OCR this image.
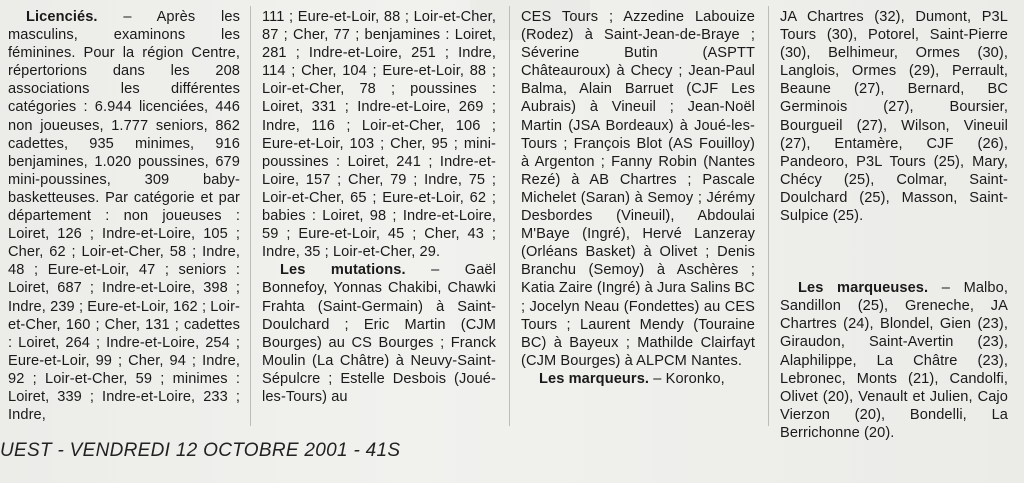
Licenciés. – Après les masculins, examinons les féminines. Pour la région Centre, répertorions dans les 208 associations les différentes catégories : 6.944 licenciées, 446 non joueuses, 1.777 seniors, 862 cadettes, 935 minimes, 916 benjamines, 1.020 poussines, 679 mini-poussines, 309 baby-basketteuses. Par catégorie et par département : non joueuses : Loiret, 126 ; Indre-et-Loire, 105 ; Cher, 62 ; Loir-et-Cher, 58 ; Indre, 48 ; Eure-et-Loir, 47 ; seniors : Loiret, 687 ; Indre-et-Loire, 398 ; Indre, 239 ; Eure-et-Loir, 162 ; Loir-et-Cher, 160 ; Cher, 131 ; cadettes : Loiret, 264 ; Indre-et-Loire, 254 ; Eure-et-Loir, 99 ; Cher, 94 ; Indre, 92 ; Loir-et-Cher, 59 ; minimes : Loiret, 339 ; Indre-et-Loire, 233 ; Indre,

111 ; Eure-et-Loir, 88 ; Loir-et-Cher, 87 ; Cher, 77 ; benjamines : Loiret, 281 ; Indre-et-Loire, 251 ; Indre, 114 ; Cher, 104 ; Eure-et-Loir, 88 ; Loir-et-Cher, 78 ; poussines : Loiret, 331 ; Indre-et-Loire, 269 ; Indre, 116 ; Loir-et-Cher, 106 ; Eure-et-Loir, 103 ; Cher, 95 ; mini-poussines : Loiret, 241 ; Indre-et-Loire, 157 ; Cher, 79 ; Indre, 75 ; Loir-et-Cher, 65 ; Eure-et-Loir, 62 ; babies : Loiret, 98 ; Indre-et-Loire, 59 ; Eure-et-Loir, 45 ; Cher, 43 ; Indre, 35 ; Loir-et-Cher, 29.

Les mutations. – Gaël Bonnefoy, Yonnas Chakibi, Chawki Frahta (Saint-Germain) à Saint-Doulchard ; Eric Martin (CJM Bourges) au CS Bourges ; Franck Moulin (La Châtre) à Neuvy-Saint-Sépulcre ; Estelle Desbois (Joué-les-Tours) au

CES Tours ; Azzedine Labouize (Rodez) à Saint-Jean-de-Braye ; Séverine Butin (ASPTT Châteauroux) à Checy ; Jean-Paul Balma, Alain Barruet (CJF Les Aubrais) à Vineuil ; Jean-Noël Martin (JSA Bordeaux) à Joué-les-Tours ; François Blot (AS Fouilloy) à Argenton ; Fanny Robin (Nantes Rezé) à AB Chartres ; Pascale Michelet (Saran) à Semoy ; Jérémy Desbordes (Vineuil), Abdoulai M'Baye (Ingré), Hervé Lanzeray (Orléans Basket) à Olivet ; Denis Branchu (Semoy) à Aschères ; Katia Zaire (Ingré) à Jura Salins BC ; Jocelyn Neau (Fondettes) au CES Tours ; Laurent Mendy (Touraine BC) à Bayeux ; Mathilde Clairfayt (CJM Bourges) à ALPCM Nantes.

Les marqueurs. – Koronko,

JA Chartres (32), Dumont, P3L Tours (30), Potorel, Saint-Pierre (30), Belhimeur, Ormes (30), Langlois, Ormes (29), Perrault, Beaune (27), Bernard, BC Germinois (27), Boursier, Bourgueil (27), Wilson, Vineuil (27), Entamère, CJF (26), Pandeoro, P3L Tours (25), Mary, Chécy (25), Colmar, Saint-Doulchard (25), Masson, Saint-Sulpice (25).

Les marqueuses. – Malbo, Sandillon (25), Greneche, JA Chartres (24), Blondel, Gien (23), Giraudon, Saint-Avertin (23), Alaphilippe, La Châtre (23), Lebronec, Monts (21), Candolfi, Olivet (20), Venault et Julien, Cajo Vierzon (20), Bondelli, La Berrichonne (20).

UEST - VENDREDI 12 OCTOBRE 2001 - 41S
